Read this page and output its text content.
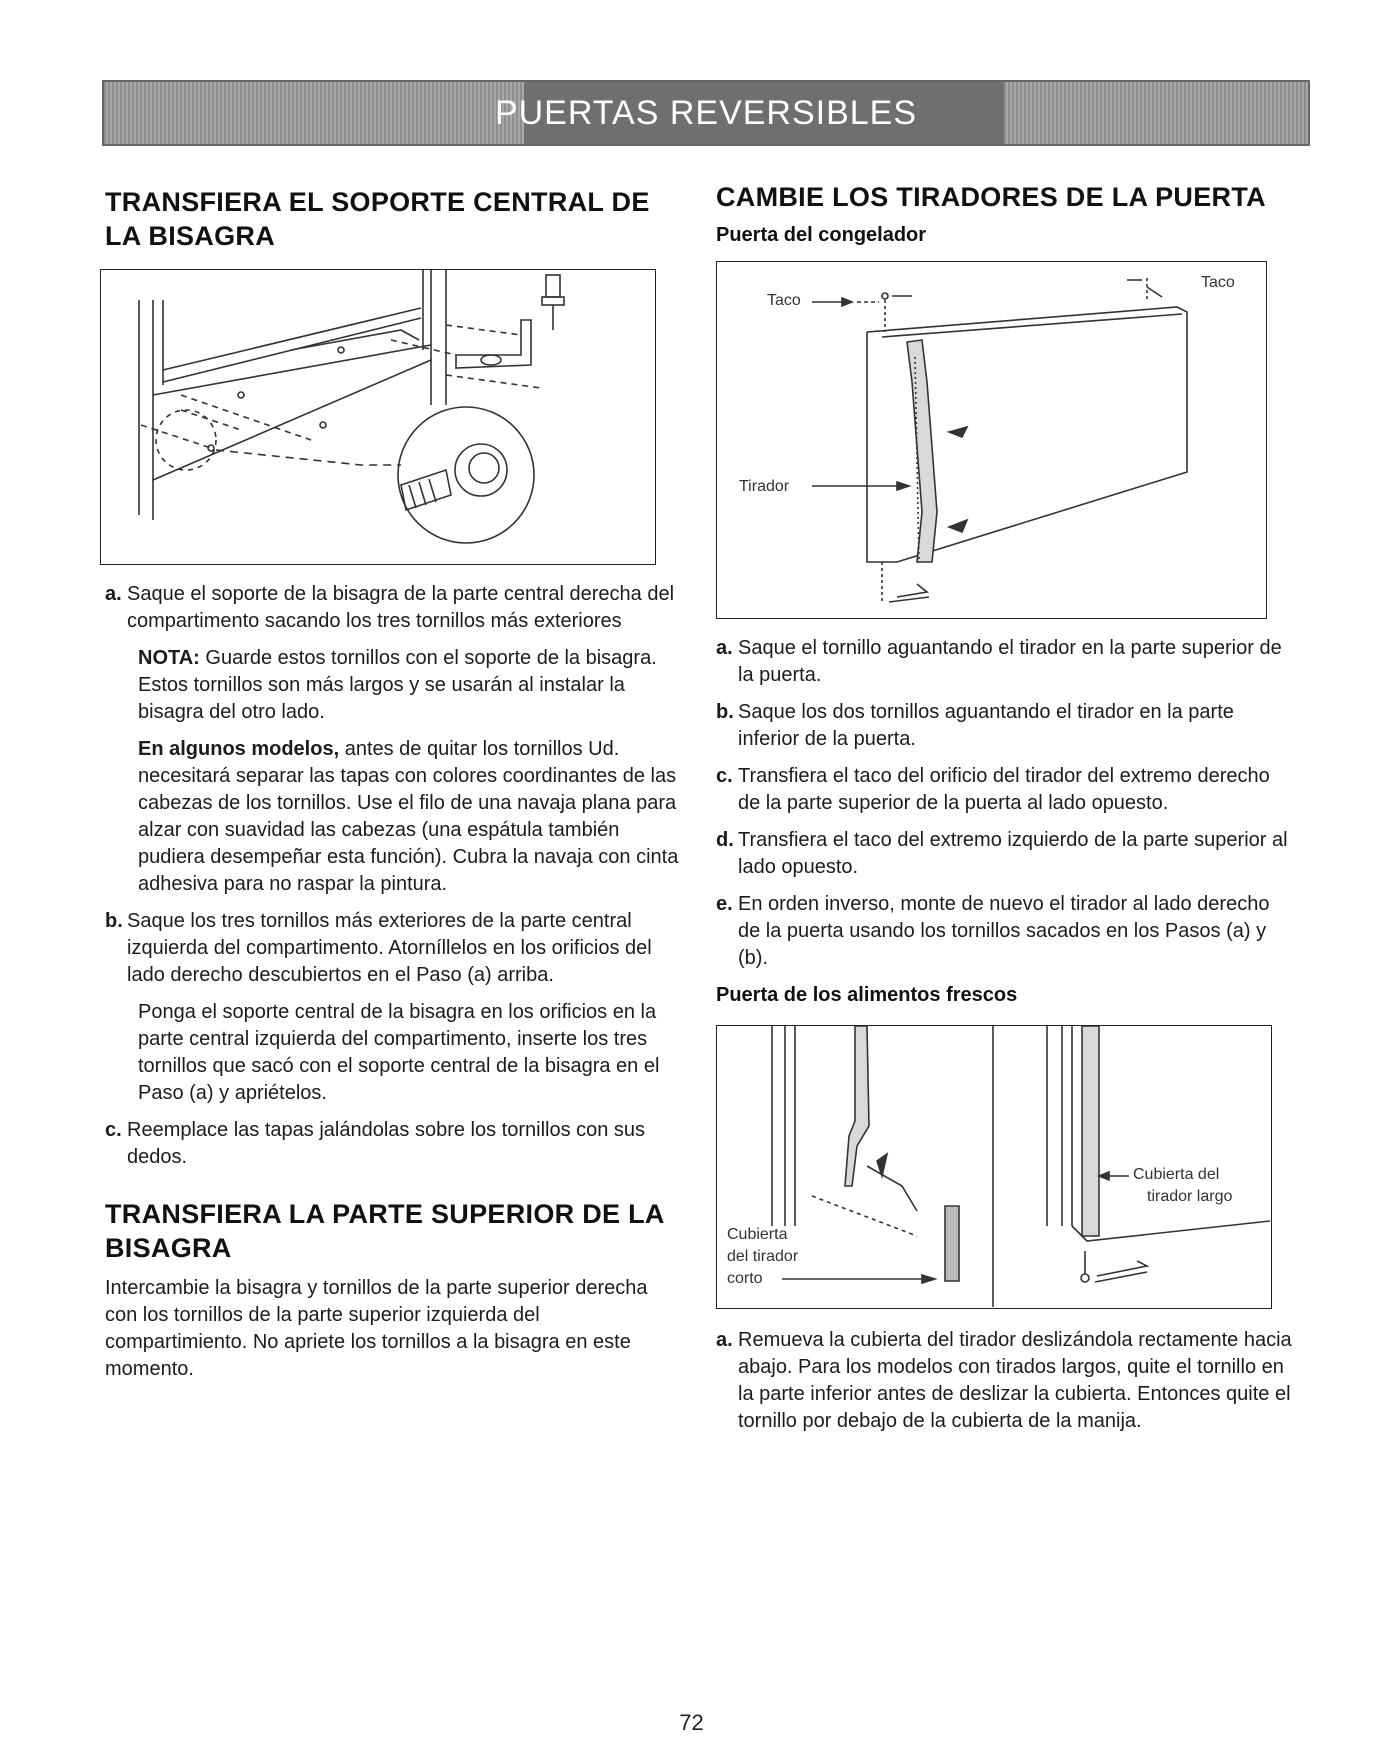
PUERTAS REVERSIBLES
TRANSFIERA EL SOPORTE CENTRAL DE LA BISAGRA
a. Saque el soporte de la bisagra de la parte central derecha del compartimento sacando los tres tornillos más exteriores

NOTA: Guarde estos tornillos con el soporte de la bisagra. Estos tornillos son más largos y se usarán al instalar la bisagra del otro lado.

En algunos modelos, antes de quitar los tornillos Ud. necesitará separar las tapas con colores coordinantes de las cabezas de los tornillos. Use el filo de una navaja plana para alzar con suavidad las cabezas (una espátula también pudiera desempeñar esta función). Cubra la navaja con cinta adhesiva para no raspar la pintura.

b. Saque los tres tornillos más exteriores de la parte central izquierda del compartimento. Atorníllelos en los orificios del lado derecho descubiertos en el Paso (a) arriba.

Ponga el soporte central de la bisagra en los orificios en la parte central izquierda del compartimento, inserte los tres tornillos que sacó con el soporte central de la bisagra en el Paso (a) y apriételos.

c. Reemplace las tapas jalándolas sobre los tornillos con sus dedos.
TRANSFIERA LA PARTE SUPERIOR DE LA BISAGRA

Intercambie la bisagra y tornillos de la parte superior derecha con los tornillos de la parte superior izquierda del compartimiento. No apriete los tornillos a la bisagra en este momento.

CAMBIE LOS TIRADORES DE LA PUERTA
Puerta del congelador
Taco
Taco
Tirador
a. Saque el tornillo aguantando el tirador en la parte superior de la puerta.
b. Saque los dos tornillos aguantando el tirador en la parte inferior de la puerta.
c. Transfiera el taco del orificio del tirador del extremo derecho de la parte superior de la puerta al lado opuesto.
d. Transfiera el taco del extremo izquierdo de la parte superior al lado opuesto.
e. En orden inverso, monte de nuevo el tirador al lado derecho de la puerta usando los tornillos sacados en los Pasos (a) y (b).
Puerta de los alimentos frescos
Cubierta
del tirador
corto
Cubierta del
tirador largo
a. Remueva la cubierta del tirador deslizándola rectamente hacia abajo. Para los modelos con tirados largos, quite el tornillo en la parte inferior antes de deslizar la cubierta. Entonces quite el tornillo por debajo de la cubierta de la manija.
72
